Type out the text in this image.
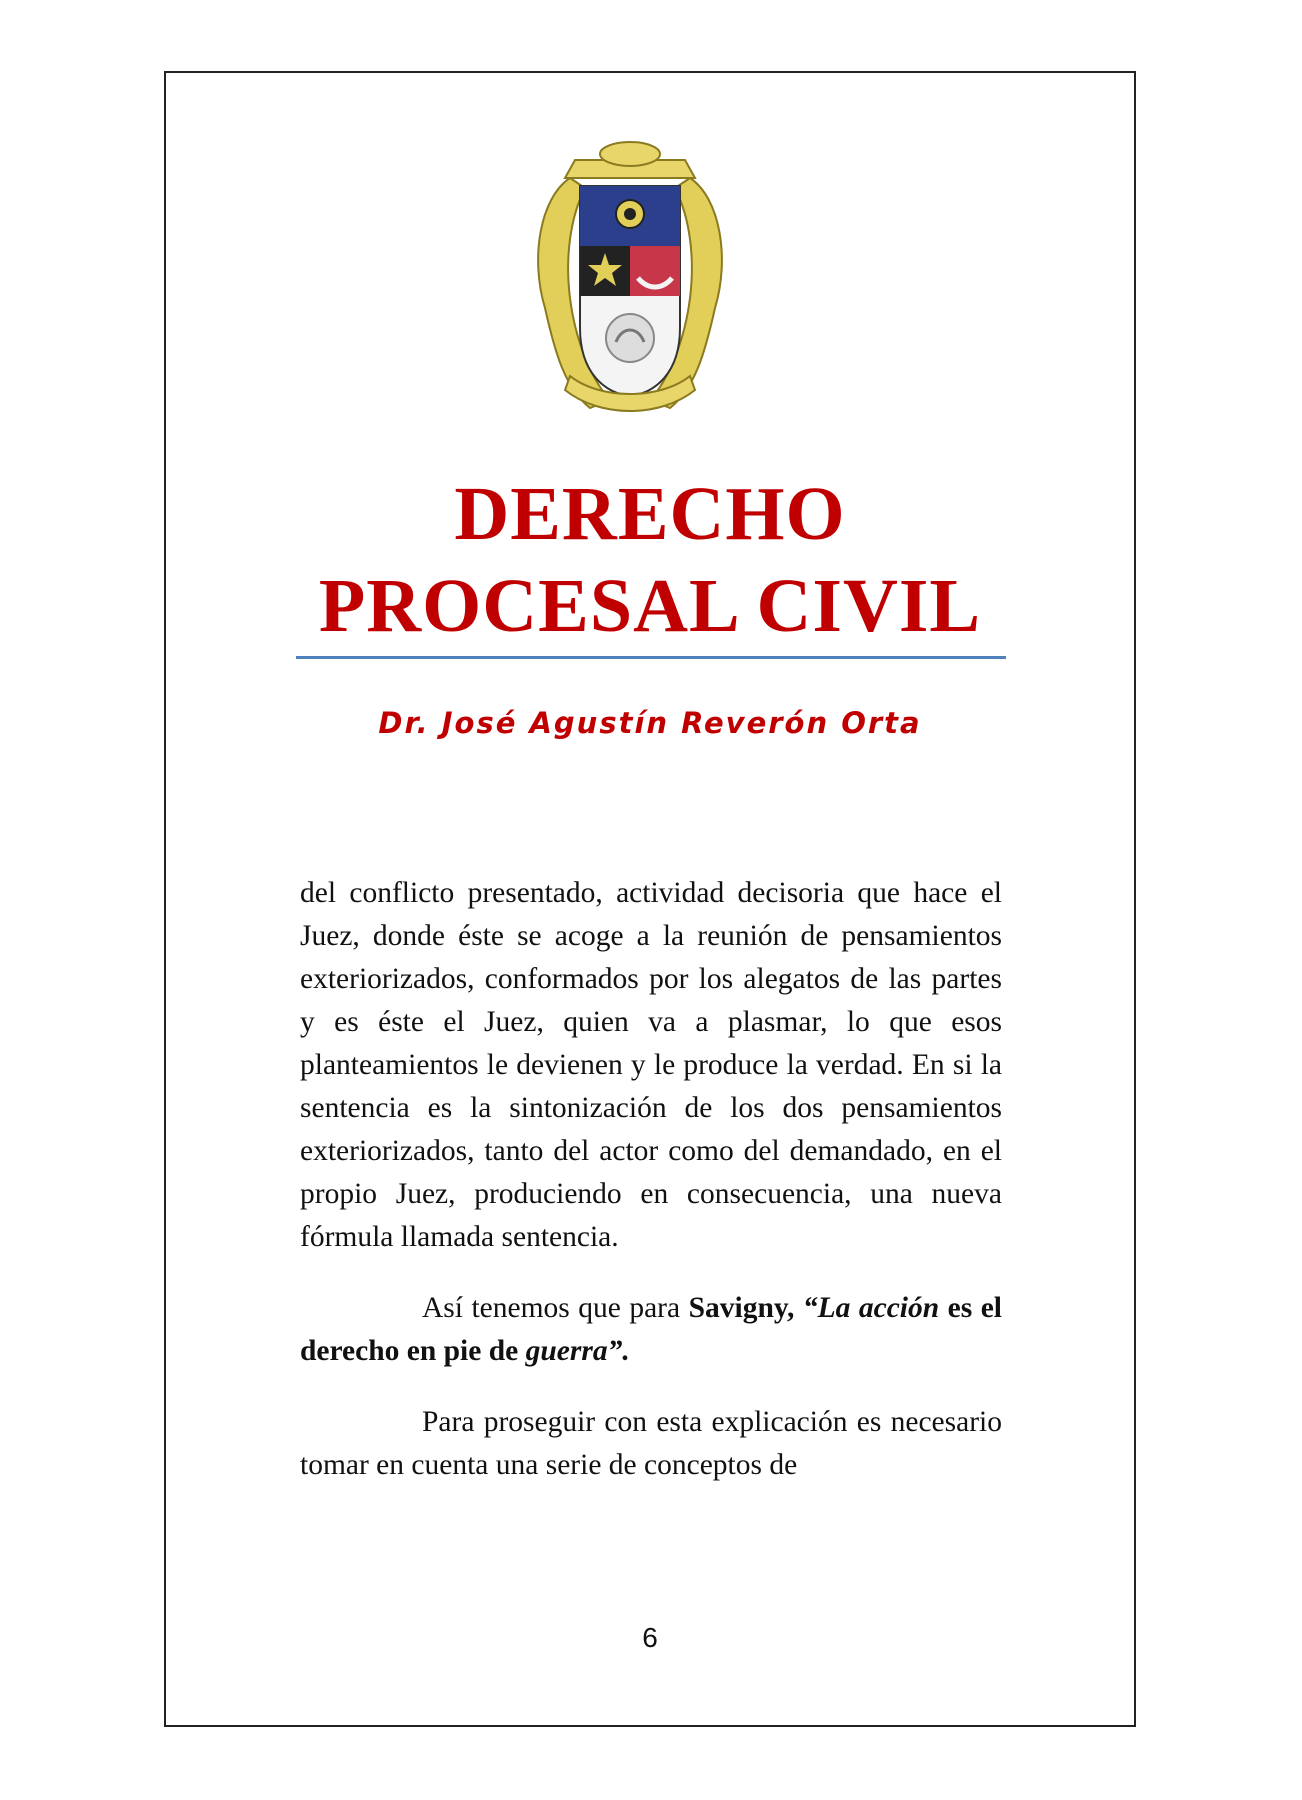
DERECHO
PROCESAL CIVIL
Dr. José Agustín Reverón Orta

del conflicto presentado, actividad decisoria que hace el Juez, donde éste se acoge a la reunión de pensamientos exteriorizados, conformados por los alegatos de las partes y es éste el Juez, quien va a plasmar, lo que esos planteamientos le devienen y le produce la verdad. En si la sentencia es la sintonización de los dos pensamientos exteriorizados, tanto del actor como del demandado, en el propio Juez, produciendo en consecuencia, una nueva fórmula llamada sentencia.

Así tenemos que para Savigny, “La acción es el derecho en pie de guerra”.

Para proseguir con esta explicación es necesario tomar en cuenta una serie de conceptos de

6
